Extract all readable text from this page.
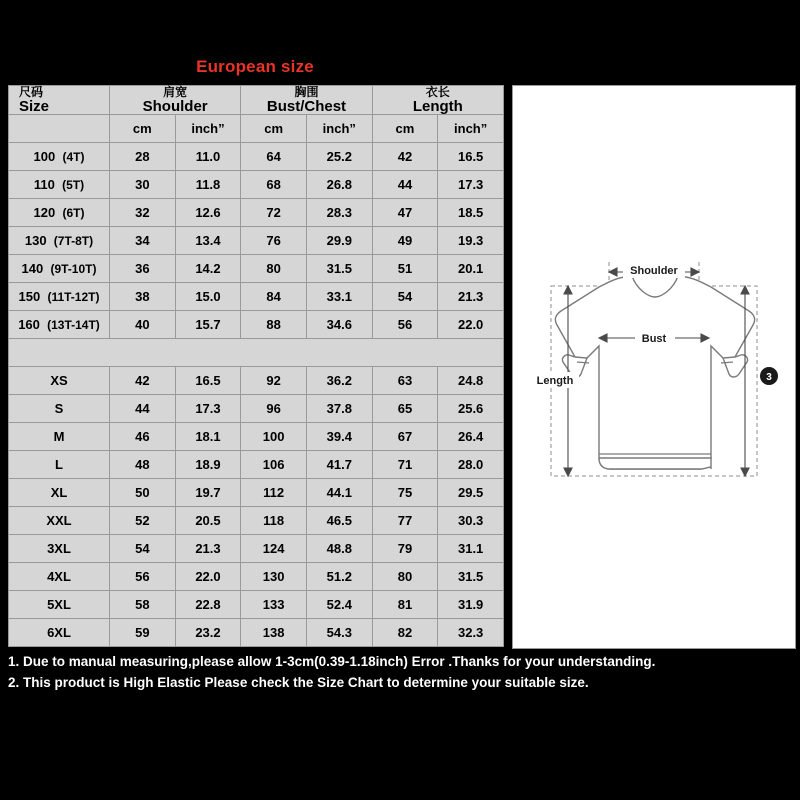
European size
尺码
Size

肩宽
Shoulder

胸围
Bust/Chest

衣长
Length

	cm	inch”	cm	inch”	cm	inch”
100 (4T)	28	11.0	64	25.2	42	16.5
110 (5T)	30	11.8	68	26.8	44	17.3
120 (6T)	32	12.6	72	28.3	47	18.5
130 (7T-8T)	34	13.4	76	29.9	49	19.3
140 (9T-10T)	36	14.2	80	31.5	51	20.1
150 (11T-12T)	38	15.0	84	33.1	54	21.3
160 (13T-14T)	40	15.7	88	34.6	56	22.0

XS	42	16.5	92	36.2	63	24.8
S	44	17.3	96	37.8	65	25.6
M	46	18.1	100	39.4	67	26.4
L	48	18.9	106	41.7	71	28.0
XL	50	19.7	112	44.1	75	29.5
XXL	52	20.5	118	46.5	77	30.3
3XL	54	21.3	124	48.8	79	31.1
4XL	56	22.0	130	51.2	80	31.5
5XL	58	22.8	133	52.4	81	31.9
6XL	59	23.2	138	54.3	82	32.3
Shoulder
Bust
Length	3
1. Due to manual measuring,please allow 1-3cm(0.39-1.18inch) Error .Thanks for your understanding.
2. This product is High Elastic Please check the Size Chart to determine your suitable size.
